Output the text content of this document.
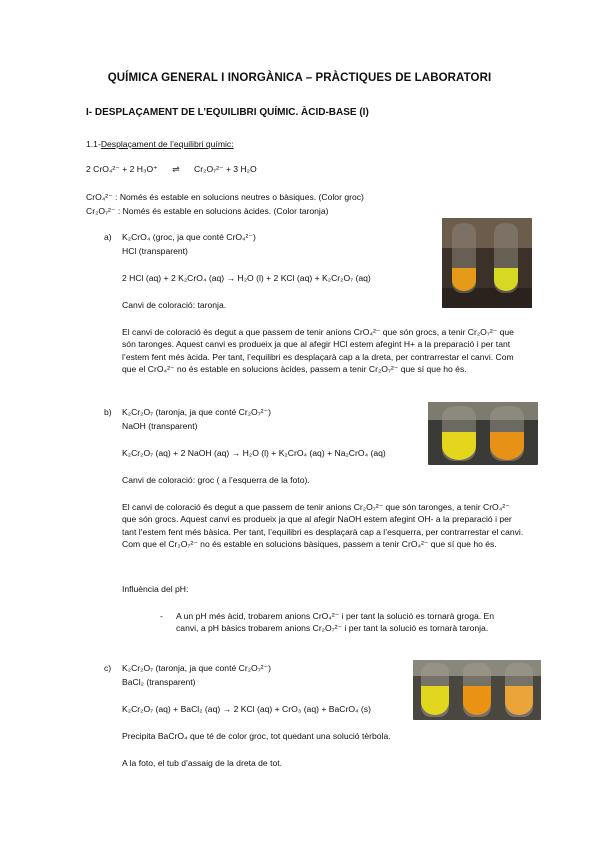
QUÍMICA GENERAL I INORGÀNICA – PRÀCTIQUES DE LABORATORI
I- DESPLAÇAMENT DE L’EQUILIBRI QUÍMIC. ÀCID-BASE (I)
1.1-Desplaçament de l’equilibri químic:
2 CrO₄²⁻ + 2 H₃O⁺ ⇌ Cr₂O₇²⁻ + 3 H₂O
CrO₄²⁻ : Només és estable en solucions neutres o bàsiques. (Color groc)
Cr₂O₇²⁻ : Només és estable en solucions àcides. (Color taronja)
a) K₂CrO₄ (groc, ja que conté CrO₄²⁻)
HCl (transparent)
2 HCl (aq) + 2 K₂CrO₄ (aq) → H₂O (l) + 2 KCl (aq) + K₂Cr₂O₇ (aq)
Canvi de coloració: taronja.
El canvi de coloració és degut a que passem de tenir anions CrO₄²⁻ que són grocs, a tenir Cr₂O₇²⁻ que són taronges. Aquest canvi es produeix ja que al afegir HCl estem afegint H+ a la preparació i per tant l’estem fent més àcida. Per tant, l’equilibri es desplaçarà cap a la dreta, per contrarrestar el canvi. Com que el CrO₄²⁻ no és estable en solucions àcides, passem a tenir Cr₂O₇²⁻ que sí que ho és.
b) K₂Cr₂O₇ (taronja, ja que conté Cr₂O₇²⁻)
NaOH (transparent)
K₂Cr₂O₇ (aq) + 2 NaOH (aq) → H₂O (l) + K₂CrO₄ (aq) + Na₂CrO₄ (aq)
Canvi de coloració: groc ( a l’esquerra de la foto).
El canvi de coloració és degut a que passem de tenir anions Cr₂O₇²⁻ que són taronges, a tenir CrO₄²⁻ que són grocs. Aquest canvi es produeix ja que al afegir NaOH estem afegint OH- a la preparació i per tant l’estem fent més bàsica. Per tant, l’equilibri es desplaçarà cap a l’esquerra, per contrarrestar el canvi. Com que el Cr₂O₇²⁻ no és estable en solucions bàsiques, passem a tenir CrO₄²⁻ que sí que ho és.
Influència del pH:
- A un pH més àcid, trobarem anions CrO₄²⁻ i per tant la solució es tornarà groga. En canvi, a pH bàsics trobarem anions Cr₂O₇²⁻ i per tant la solució es tornarà taronja.
c) K₂Cr₂O₇ (taronja, ja que conté Cr₂O₇²⁻)
BaCl₂ (transparent)
K₂Cr₂O₇ (aq) + BaCl₂ (aq) → 2 KCl (aq) + CrO₃ (aq) + BaCrO₄ (s)
Precipita BaCrO₄ que té de color groc, tot quedant una solució tèrbola.
A la foto, el tub d’assaig de la dreta de tot.
